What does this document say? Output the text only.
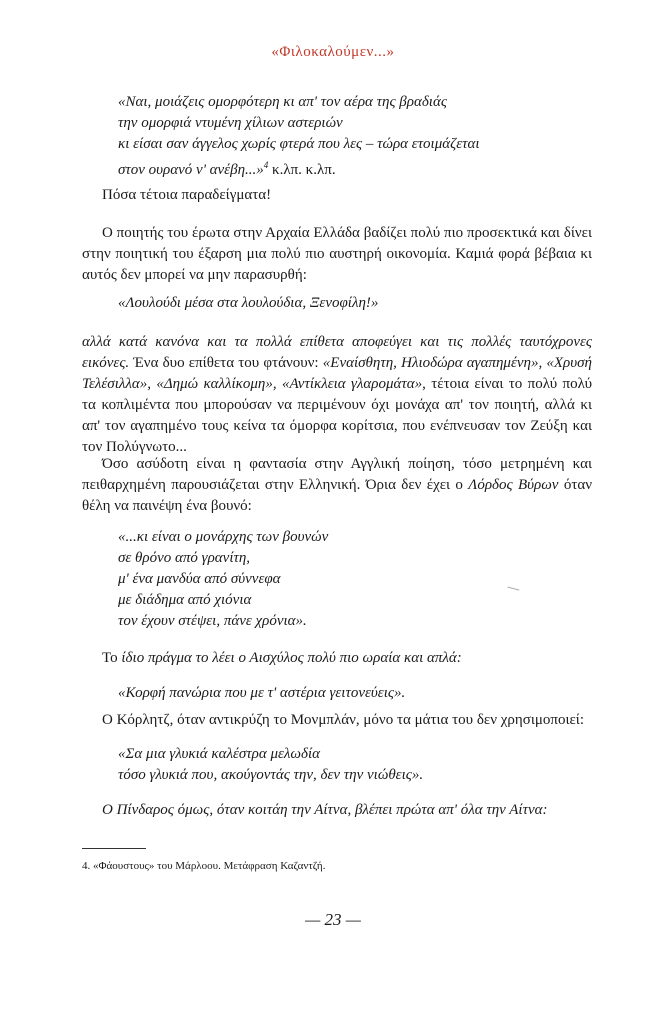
«Φιλοκαλούμεν...»

«Ναι, μοιάζεις ομορφότερη κι απ' τον αέρα της βραδιάς

την ομορφιά ντυμένη χίλιων αστεριών

κι είσαι σαν άγγελος χωρίς φτερά που λες – τώρα ετοιμάζεται

στον ουρανό ν' ανέβη...»$^4$ κ.λπ. κ.λπ.

Πόσα τέτοια παραδείγματα!

Ο ποιητής του έρωτα στην Αρχαία Ελλάδα βαδίζει πολύ πιο προσεκτικά και δίνει στην ποιητική του έξαρση μια πολύ πιο αυστηρή οικονομία. Καμιά φορά βέβαια κι αυτός δεν μπορεί να μην παρασυρθή:

«Λουλούδι μέσα στα λουλούδια, Ξενοφίλη!»

αλλά κατά κανόνα και τα πολλά επίθετα αποφεύγει και τις πολλές ταυτόχρονες εικόνες. Ένα δυο επίθετα του φτάνουν: «Εναίσθητη, Ηλιοδώρα αγαπημένη», «Χρυσή Τελέσιλλα», «Δημώ καλλίκομη», «Αντίκλεια γλαρομάτα», τέτοια είναι το πολύ πολύ τα κοπλιμέντα που μπορούσαν να περιμένουν όχι μονάχα απ' τον ποιητή, αλλά κι απ' τον αγαπημένο τους κείνα τα όμορφα κορίτσια, που ενέπνευσαν τον Ζεύξη και τον Πολύγνωτο...

Όσο ασύδοτη είναι η φαντασία στην Αγγλική ποίηση, τόσο μετρημένη και πειθαρχημένη παρουσιάζεται στην Ελληνική. Όρια δεν έχει ο Λόρδος Βύρων όταν θέλη να παινέψη ένα βουνό:

«...κι είναι ο μονάρχης των βουνών

σε θρόνο από γρανίτη,

μ' ένα μανδύα από σύννεφα

με διάδημα από χιόνια

τον έχουν στέψει, πάνε χρόνια».

Το ίδιο πράγμα το λέει ο Αισχύλος πολύ πιο ωραία και απλά:

«Κορφή πανώρια που με τ' αστέρια γειτονεύεις».

Ο Κόρλητζ, όταν αντικρύζη το Μονμπλάν, μόνο τα μάτια του δεν χρησιμοποιεί:

«Σα μια γλυκιά καλέστρα μελωδία

τόσο γλυκιά που, ακούγοντάς την, δεν την νιώθεις».

Ο Πίνδαρος όμως, όταν κοιτάη την Αίτνα, βλέπει πρώτα απ' όλα την Αίτνα:

4. «Φάουστους» του Μάρλοου. Μετάφραση Καζαντζή.

— 23 —
